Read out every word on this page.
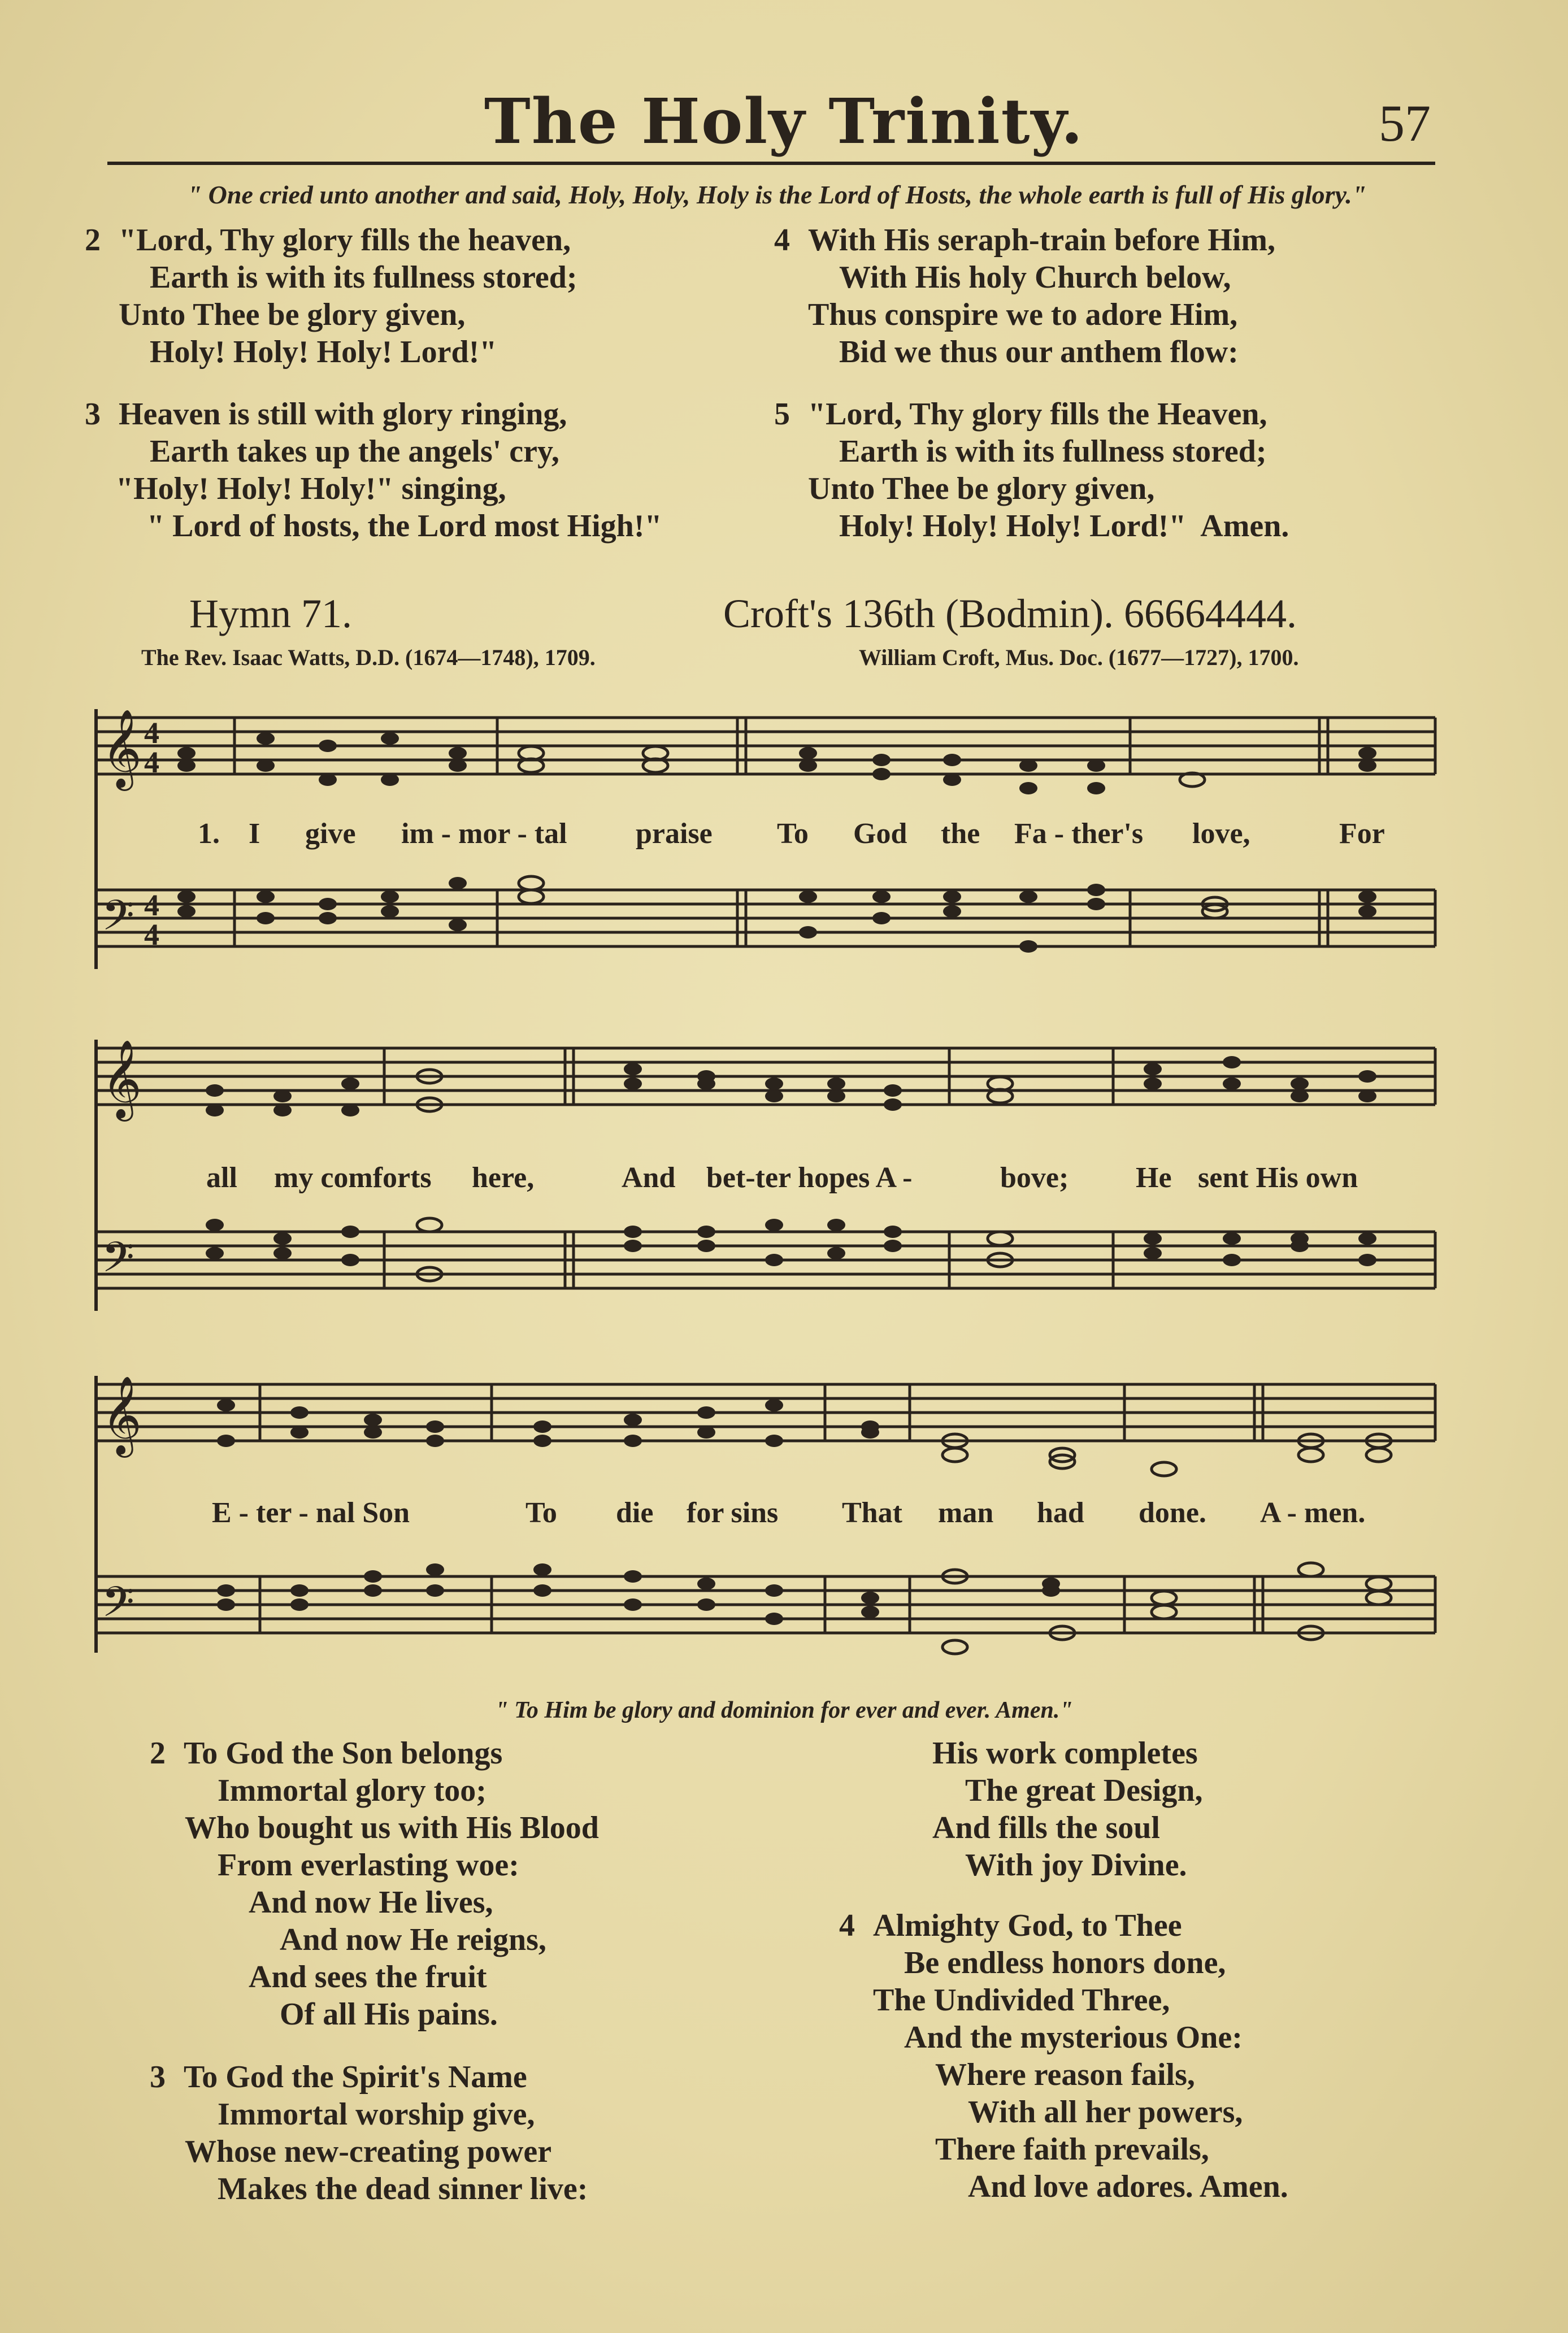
The Holy Trinity.	57
" One cried unto another and said, Holy, Holy, Holy is the Lord of Hosts, the whole earth is full of His glory."
2 "Lord, Thy glory fills the heaven,
Earth is with its fullness stored;
Unto Thee be glory given,
Holy! Holy! Holy! Lord!"
3 Heaven is still with glory ringing,
Earth takes up the angels' cry,
"Holy! Holy! Holy!" singing,
" Lord of hosts, the Lord most High!"
4 With His seraph-train before Him,
With His holy Church below,
Thus conspire we to adore Him,
Bid we thus our anthem flow:
5 "Lord, Thy glory fills the Heaven,
Earth is with its fullness stored;
Unto Thee be glory given,
Holy! Holy! Holy! Lord!"  Amen.
Hymn 71.	Croft's 136th (Bodmin). 66664444.
The Rev. Isaac Watts, D.D. (1674—1748), 1709.	William Croft, Mus. Doc. (1677—1727), 1700.
𝄞
𝄢
4
4
4
4
1. I give im - mor - tal praise To God the Fa - ther's love,	For
𝄞
𝄢
all my comforts here,	And bet-ter hopes A -	bove; He sent His own
𝄞
𝄢
E - ter - nal Son	To die for sins That man had done. A - men.
" To Him be glory and dominion for ever and ever. Amen."
2 To God the Son belongs
Immortal glory too;
Who bought us with His Blood
From everlasting woe:
And now He lives,
And now He reigns,
And sees the fruit
Of all His pains.
3 To God the Spirit's Name
Immortal worship give,
Whose new-creating power
Makes the dead sinner live:
His work completes
The great Design,
And fills the soul
With joy Divine.
4 Almighty God, to Thee
Be endless honors done,
The Undivided Three,
And the mysterious One:
Where reason fails,
With all her powers,
There faith prevails,
And love adores. Amen.
